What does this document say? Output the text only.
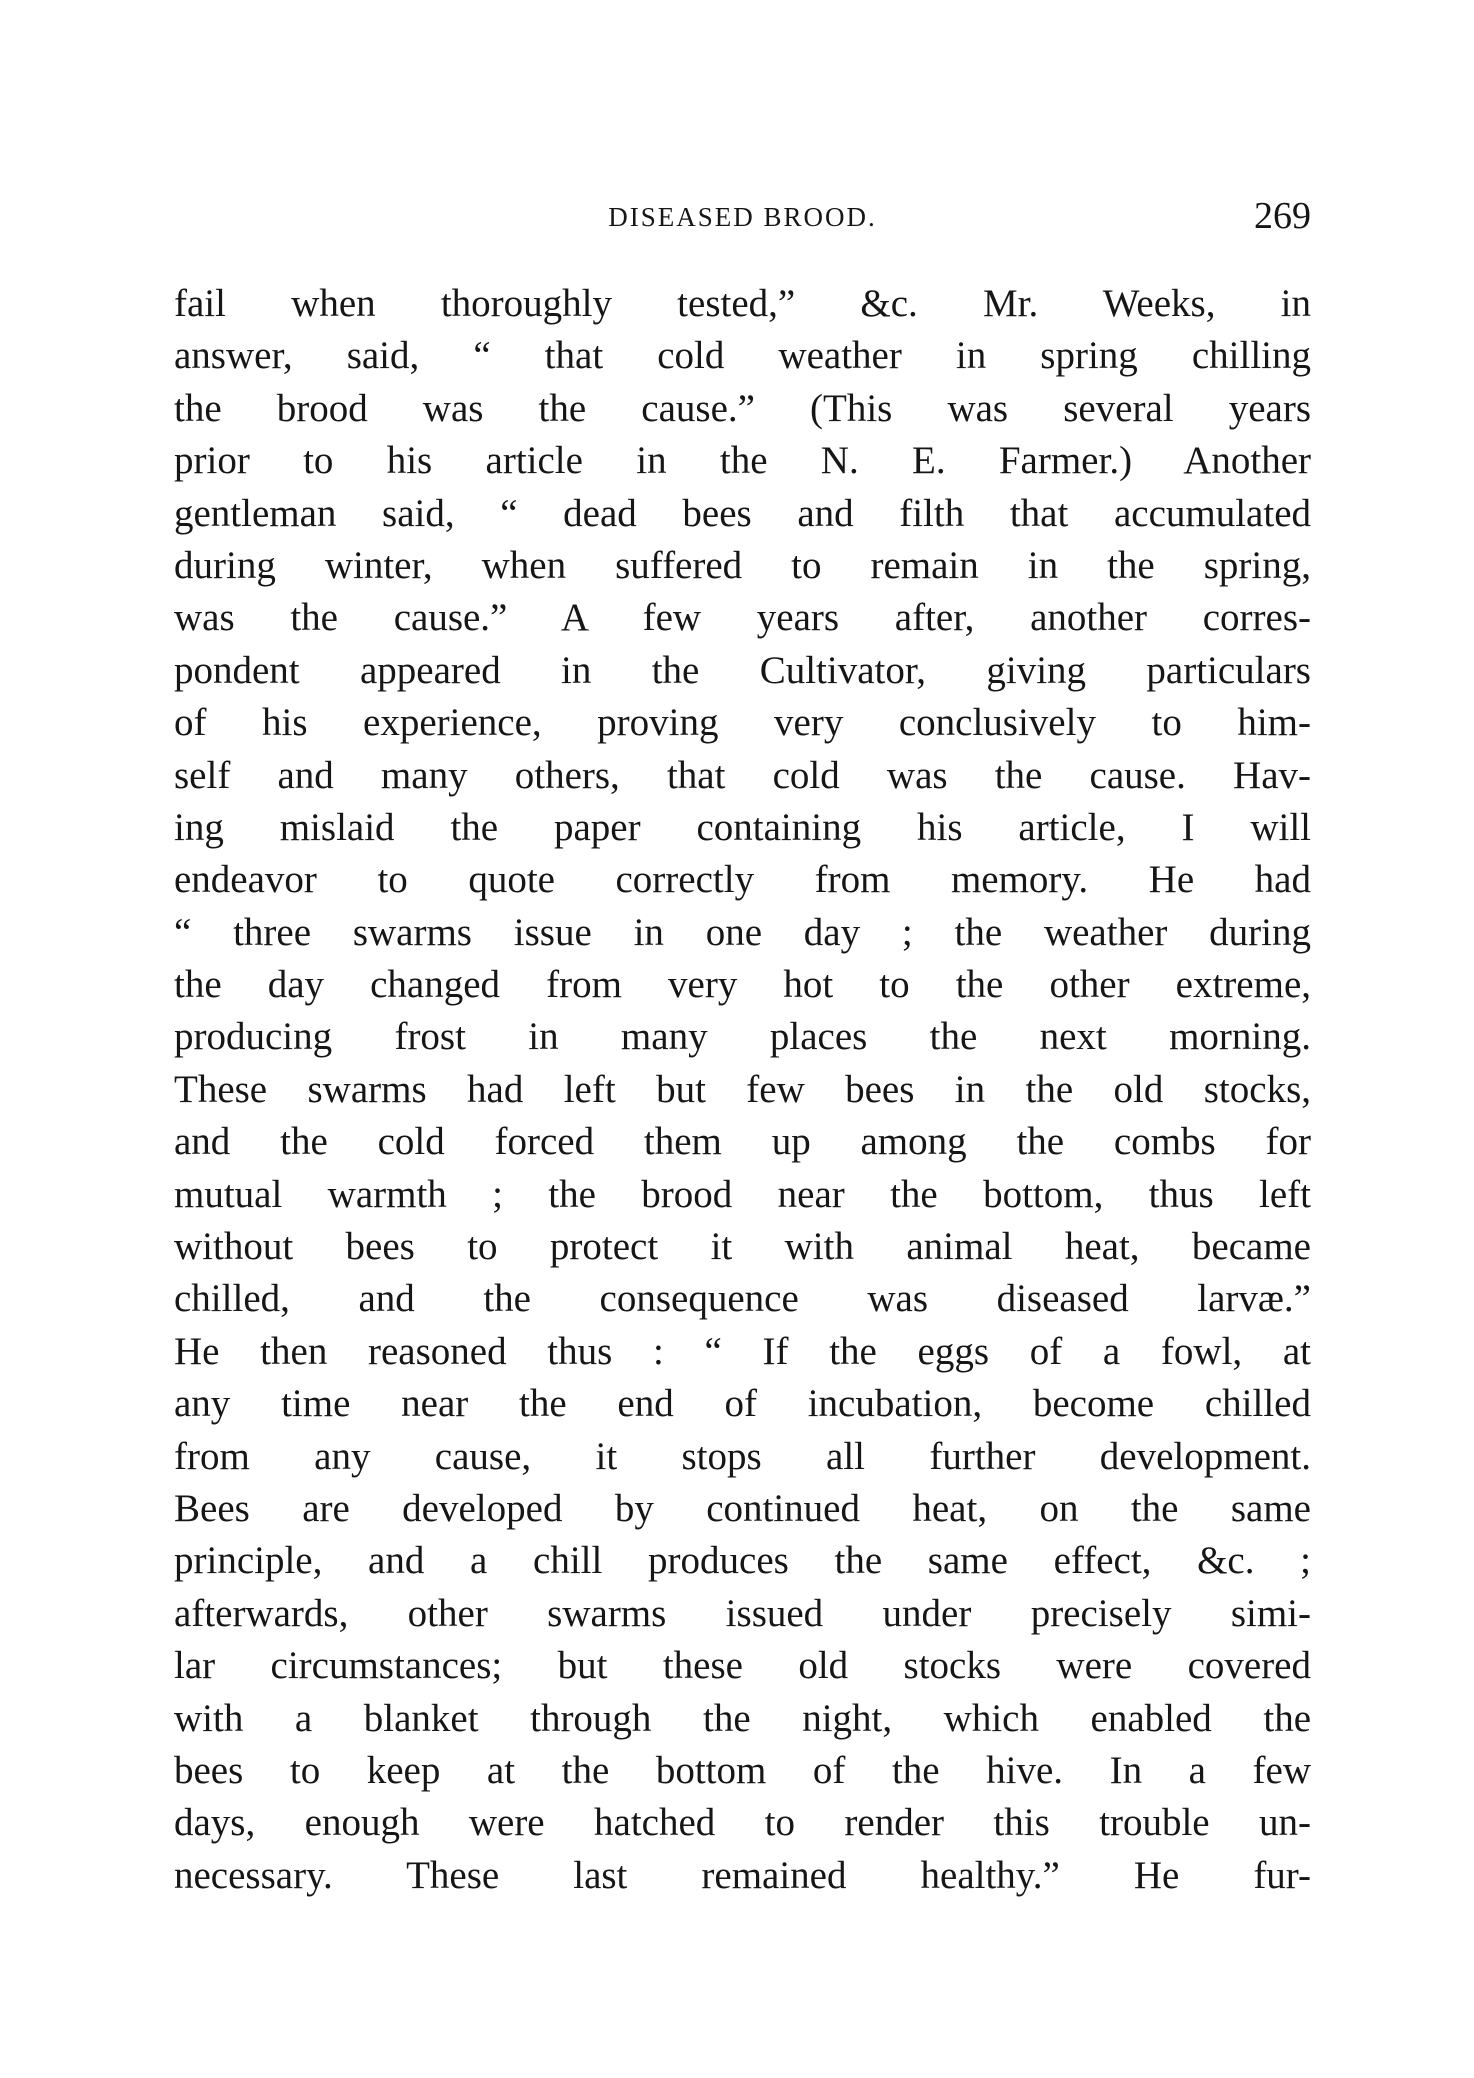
DISEASED BROOD.	269
fail when thoroughly tested,” &c. Mr. Weeks, in
answer, said, “ that cold weather in spring chilling
the brood was the cause.” (This was several years
prior to his article in the N. E. Farmer.) Another
gentleman said, “ dead bees and filth that accumulated
during winter, when suffered to remain in the spring,
was the cause.” A few years after, another corres-
pondent appeared in the Cultivator, giving particulars
of his experience, proving very conclusively to him-
self and many others, that cold was the cause. Hav-
ing mislaid the paper containing his article, I will
endeavor to quote correctly from memory. He had
“ three swarms issue in one day ; the weather during
the day changed from very hot to the other extreme,
producing frost in many places the next morning.
These swarms had left but few bees in the old stocks,
and the cold forced them up among the combs for
mutual warmth ; the brood near the bottom, thus left
without bees to protect it with animal heat, became
chilled, and the consequence was diseased larvæ.”
He then reasoned thus : “ If the eggs of a fowl, at
any time near the end of incubation, become chilled
from any cause, it stops all further development.
Bees are developed by continued heat, on the same
principle, and a chill produces the same effect, &c. ;
afterwards, other swarms issued under precisely simi-
lar circumstances; but these old stocks were covered
with a blanket through the night, which enabled the
bees to keep at the bottom of the hive. In a few
days, enough were hatched to render this trouble un-
necessary. These last remained healthy.” He fur-
